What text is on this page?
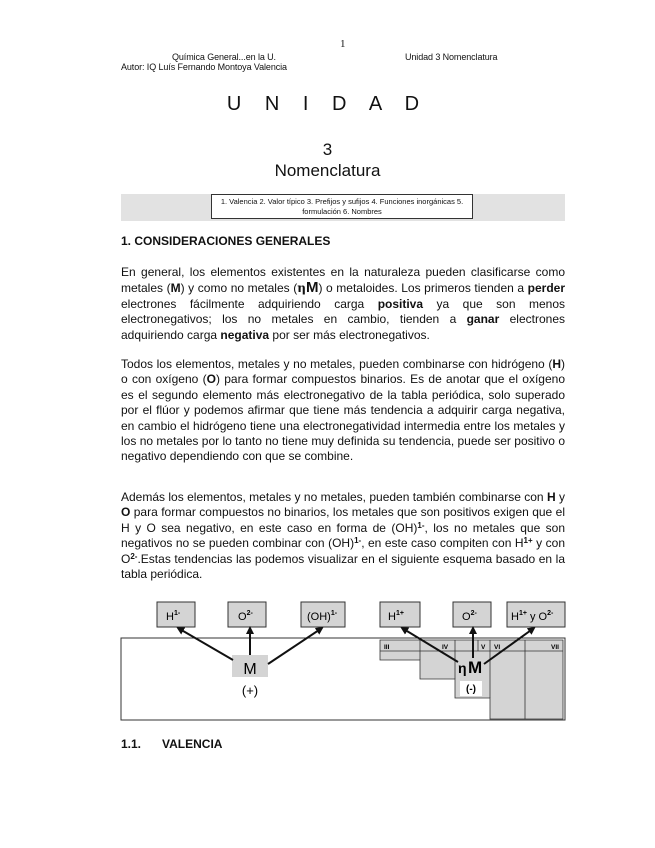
1
Química General...en la U.	Unidad 3 Nomenclatura
Autor: IQ Luís Fernando Montoya Valencia
U N I D A D
3
Nomenclatura
1. Valencia 2. Valor típico 3. Prefijos y sufijos 4. Funciones inorgánicas 5. formulación 6. Nombres
1. CONSIDERACIONES GENERALES
En general, los elementos existentes en la naturaleza pueden clasificarse como metales (M) y como no metales (ηM) o metaloides. Los primeros tienden a perder electrones fácilmente adquiriendo carga positiva ya que son menos electronegativos; los no metales en cambio, tienden a ganar electrones adquiriendo carga negativa por ser más electronegativos.
Todos los elementos, metales y no metales, pueden combinarse con hidrógeno (H) o con oxígeno (O) para formar compuestos binarios. Es de anotar que el oxígeno es el segundo elemento más electronegativo de la tabla periódica, solo superado por el flúor y podemos afirmar que tiene más tendencia a adquirir carga negativa, en cambio el hidrógeno tiene una electronegatividad intermedia entre los metales y los no metales por lo tanto no tiene muy definida su tendencia, puede ser positivo o negativo dependiendo con que se combine.
Además los elementos, metales y no metales, pueden también combinarse con H y O para formar compuestos no binarios, los metales que son positivos exigen que el H y O sea negativo, en este caso en forma de (OH)$^{1-}$, los no metales que son negativos no se pueden combinar con (OH)$^{1-}$, en este caso compiten con $H^{1+}$ y con $O^{2-}.Estas$ tendencias las podemos visualizar en el siguiente esquema basado en la tabla periódica.
III	IV	V VI	VII
$H^{1-}$	$O^{2-}$	(OH)$^{1-}$	$H^{1+}$	$O^{2-}$	$H^{1+}$ y $O^{2-}$
M
(+)
η M
(-)
1.1. VALENCIA
